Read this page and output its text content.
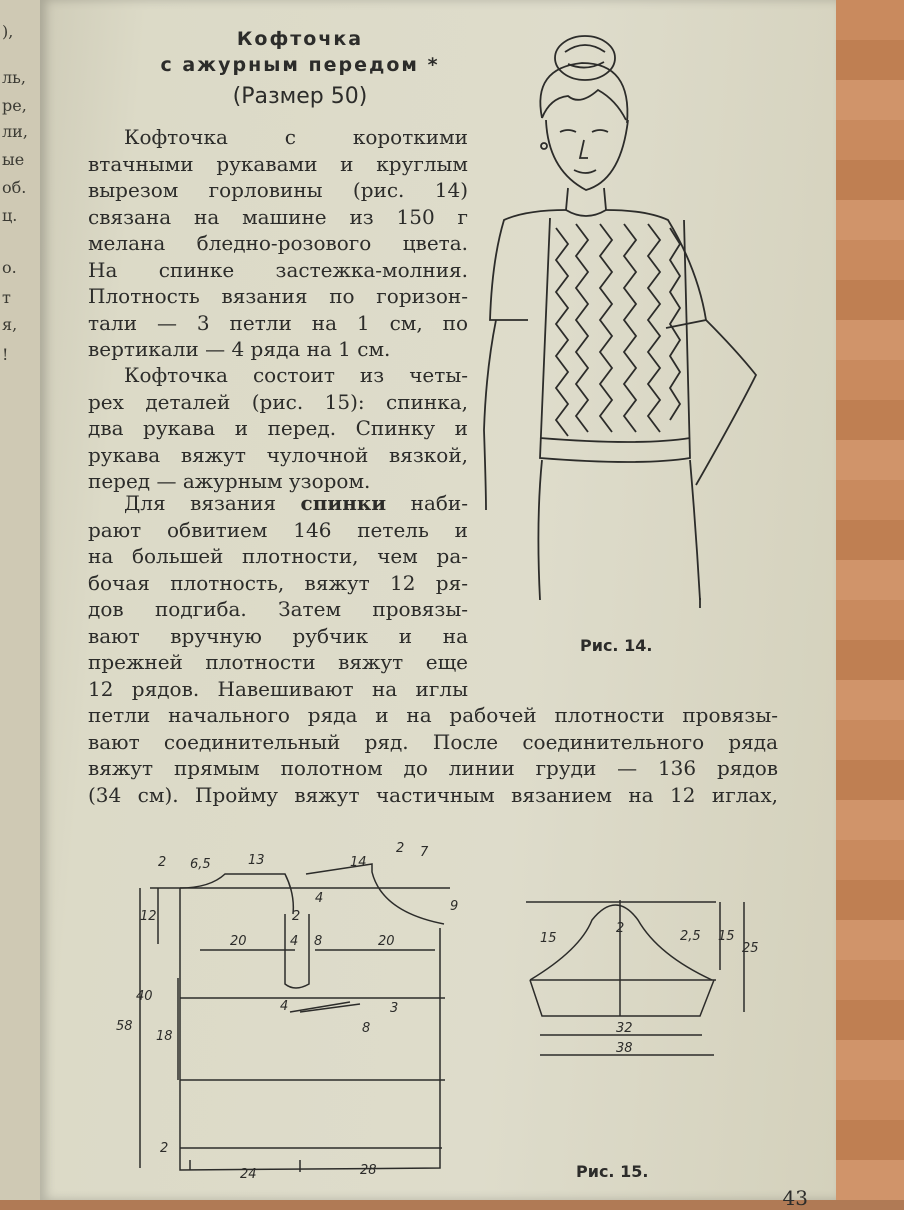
),
ль,
ре,
ли,
ые
об.
ц.
о.
т
я,
!
Кофточка
с ажурным передом *
(Размер 50)
Кофточка с короткими
втачными рукавами и круглым
вырезом горловины (рис. 14)
связана на машине из 150 г
мелана бледно-розового цвета.
На спинке застежка-молния.
Плотность вязания по горизон-
тали — 3 петли на 1 см, по
вертикали — 4 ряда на 1 см.
Кофточка состоит из четы-
рех деталей (рис. 15): спинка,
два рукава и перед. Спинку и
рукава вяжут чулочной вязкой,
перед — ажурным узором.
Для вязания спинки наби-
рают обвитием 146 петель и
на большей плотности, чем ра-
бочая плотность, вяжут 12 ря-
дов подгиба. Затем провязы-
вают вручную рубчик и на
прежней плотности вяжут еще
12 рядов. Навешивают на иглы
петли начального ряда и на рабочей плотности провязы-
вают соединительный ряд. После соединительного ряда
вяжут прямым полотном до линии груди — 136 рядов
(34 см). Пройму вяжут частичным вязанием на 12 иглах,
Рис. 14.
2 6,5	13	14
2 7
12	2
4
9
20	4 8	20
40
58
18
4	3
8
2
24	28
15
2
2,5 15
25
32
38
Рис. 15.
43
